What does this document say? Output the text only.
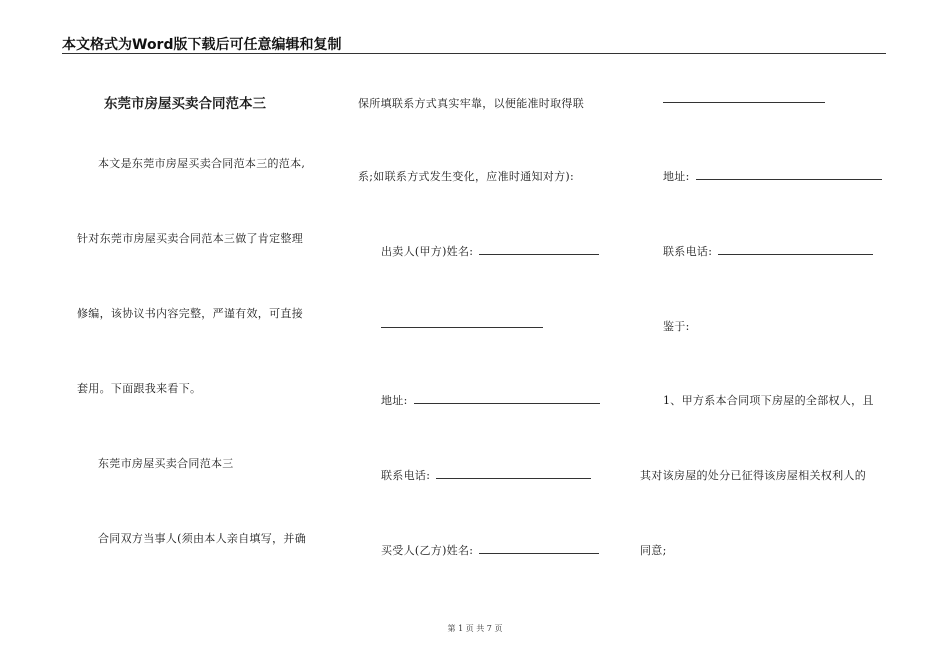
本文格式为Word版下载后可任意编辑和复制
东莞市房屋买卖合同范本三
本文是东莞市房屋买卖合同范本三的范本,
针对东莞市房屋买卖合同范本三做了肯定整理
修编，该协议书内容完整，严谨有效，可直接
套用。下面跟我来看下。
东莞市房屋买卖合同范本三
合同双方当事人(须由本人亲自填写，并确
保所填联系方式真实牢靠，以便能准时取得联
系;如联系方式发生变化，应准时通知对方):
出卖人(甲方)姓名:
地址:
联系电话:
买受人(乙方)姓名:
地址:
联系电话:
鉴于:
1、甲方系本合同项下房屋的全部权人，且
其对该房屋的处分已征得该房屋相关权利人的
同意;
第 1 页 共 7 页
